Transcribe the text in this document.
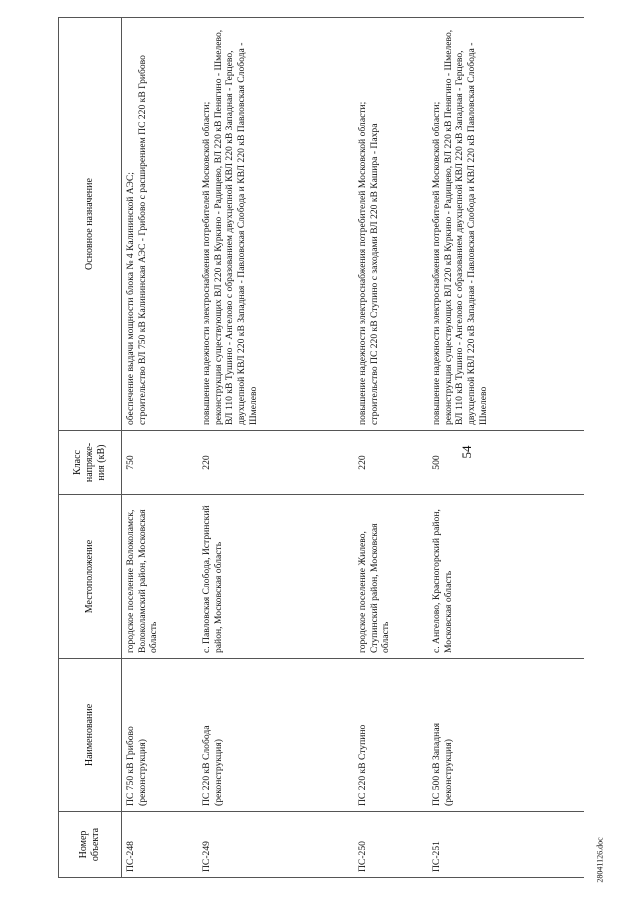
54
28041126.doc
Номер объекта	Наименование	Местоположение	Класс напряже-ния (кВ)	Основное назначение
ПС-248	ПС 750 кВ Грибово (реконструкция)	городское поселение Волоколамск, Волоколамский район, Московская область	750	обеспечение выдачи мощности блока № 4 Калининской АЭС; строительство ВЛ 750 кВ Калининская АЭС - Грибово с расширением ПС 220 кВ Грибово

ПС-249	ПС 220 кВ Слобода (реконструкция)	с. Павловская Слобода, Истринский район, Московская область	220	повышение надежности электроснабжения потребителей Московской области; реконструкция существующих ВЛ 220 кВ Куркино - Радищево, ВЛ 220 кВ Пенягино - Шмелево, ВЛ 110 кВ Тушино - Ангелово с образованием двухцепной КВЛ 220 кВ Западная - Герцево, двухцепной КВЛ 220 кВ Западная - Павловская Слобода и КВЛ 220 кВ Павловская Слобода - Шмелево

ПС-250	ПС 220 кВ Ступино	городское поселение Жилево, Ступинский район, Московская область	220	повышение надежности электроснабжения потребителей Московской области; строительство ПС 220 кВ Ступино с заходами ВЛ 220 кВ Кашира - Пахра

ПС-251	ПС 500 кВ Западная (реконструкция)	с. Ангелово, Красногорский район, Московская область	500	повышение надежности электроснабжения потребителей Московской области; реконструкция существующих ВЛ 220 кВ Куркино - Радищево, ВЛ 220 кВ Пенягино - Шмелево, ВЛ 110 кВ Тушино - Ангелово с образованием двухцепной КВЛ 220 кВ Западная - Герцево, двухцепной КВЛ 220 кВ Западная - Павловская Слобода и КВЛ 220 кВ Павловская Слобода - Шмелево
